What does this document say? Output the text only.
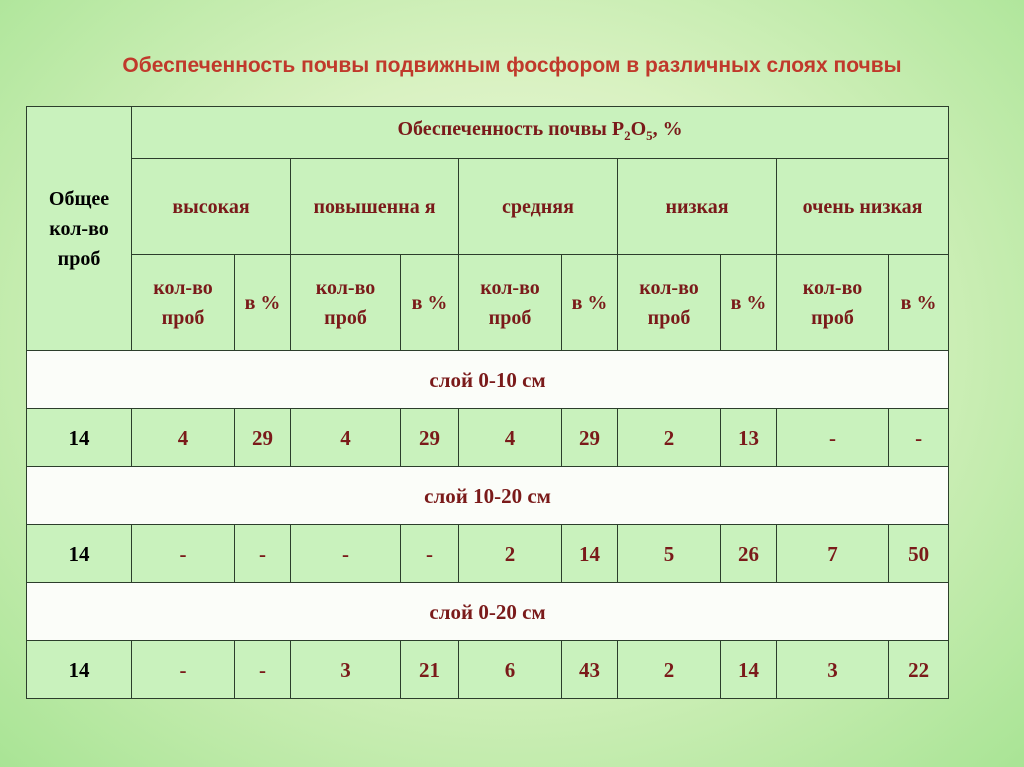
Обеспеченность почвы подвижным фосфором в различных слоях почвы
Общее кол-во проб	Обеспеченность почвы $P_2O_5$, %									
	высокая		повышенна я		средняя		низкая		очень низкая	
	кол-во проб	в %	кол-во проб	в %	кол-во проб	в %	кол-во проб	в %	кол-во проб	в %
слой 0-10 см										
14	4	29	4	29	4	29	2	13	-	-
слой 10-20 см										
14	-	-	-	-	2	14	5	26	7	50
слой 0-20 см										
14	-	-	3	21	6	43	2	14	3	22
